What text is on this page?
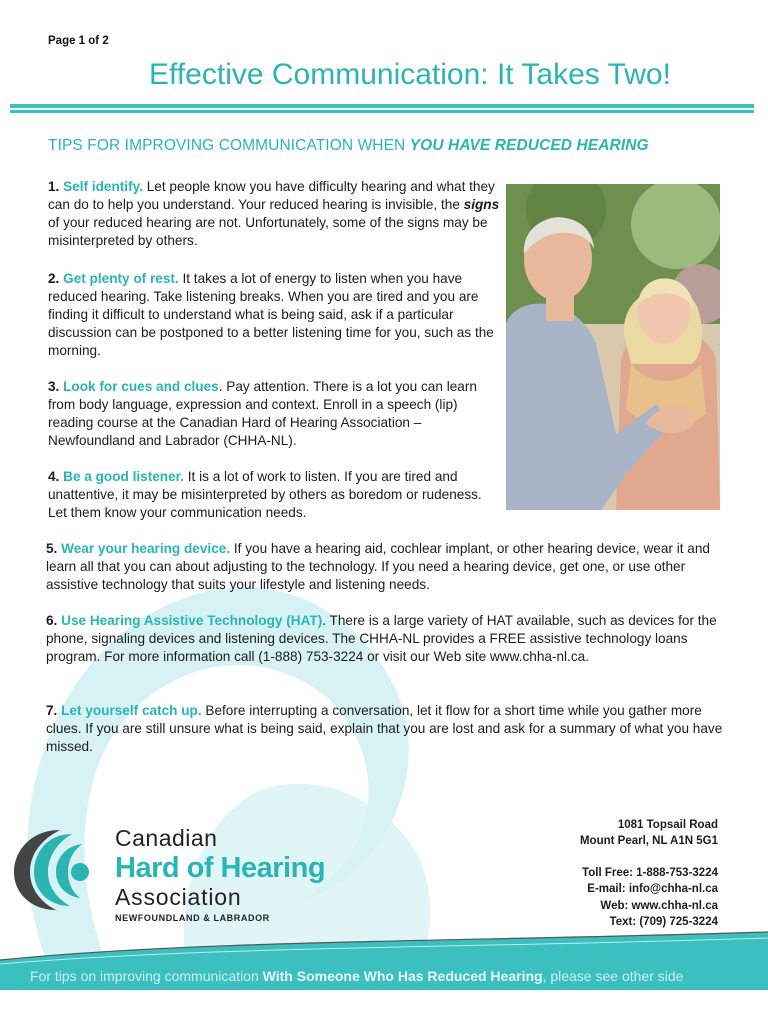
Page 1 of 2
Effective Communication: It Takes Two!
TIPS FOR IMPROVING COMMUNICATION WHEN YOU HAVE REDUCED HEARING
1. Self identify. Let people know you have difficulty hearing and what they can do to help you understand. Your reduced hearing is invisible, the signs of your reduced hearing are not. Unfortunately, some of the signs may be misinterpreted by others.
2. Get plenty of rest. It takes a lot of energy to listen when you have reduced hearing. Take listening breaks. When you are tired and you are finding it difficult to understand what is being said, ask if a particular discussion can be postponed to a better listening time for you, such as the morning.
3. Look for cues and clues. Pay attention. There is a lot you can learn from body language, expression and context. Enroll in a speech (lip) reading course at the Canadian Hard of Hearing Association – Newfoundland and Labrador (CHHA-NL).
4. Be a good listener. It is a lot of work to listen. If you are tired and unattentive, it may be misinterpreted by others as boredom or rudeness. Let them know your communication needs.
5. Wear your hearing device. If you have a hearing aid, cochlear implant, or other hearing device, wear it and learn all that you can about adjusting to the technology. If you need a hearing device, get one, or use other assistive technology that suits your lifestyle and listening needs.
6. Use Hearing Assistive Technology (HAT). There is a large variety of HAT available, such as devices for the phone, signaling devices and listening devices. The CHHA-NL provides a FREE assistive technology loans program. For more information call (1-888) 753-3224 or visit our Web site www.chha-nl.ca.
7. Let yourself catch up. Before interrupting a conversation, let it flow for a short time while you gather more clues. If you are still unsure what is being said, explain that you are lost and ask for a summary of what you have missed.
Canadian
Hard of Hearing
Association
NEWFOUNDLAND & LABRADOR
1081 Topsail Road
Mount Pearl, NL A1N 5G1
Toll Free: 1-888-753-3224
E-mail: info@chha-nl.ca
Web: www.chha-nl.ca
Text: (709) 725-3224
For tips on improving communication With Someone Who Has Reduced Hearing, please see other side
